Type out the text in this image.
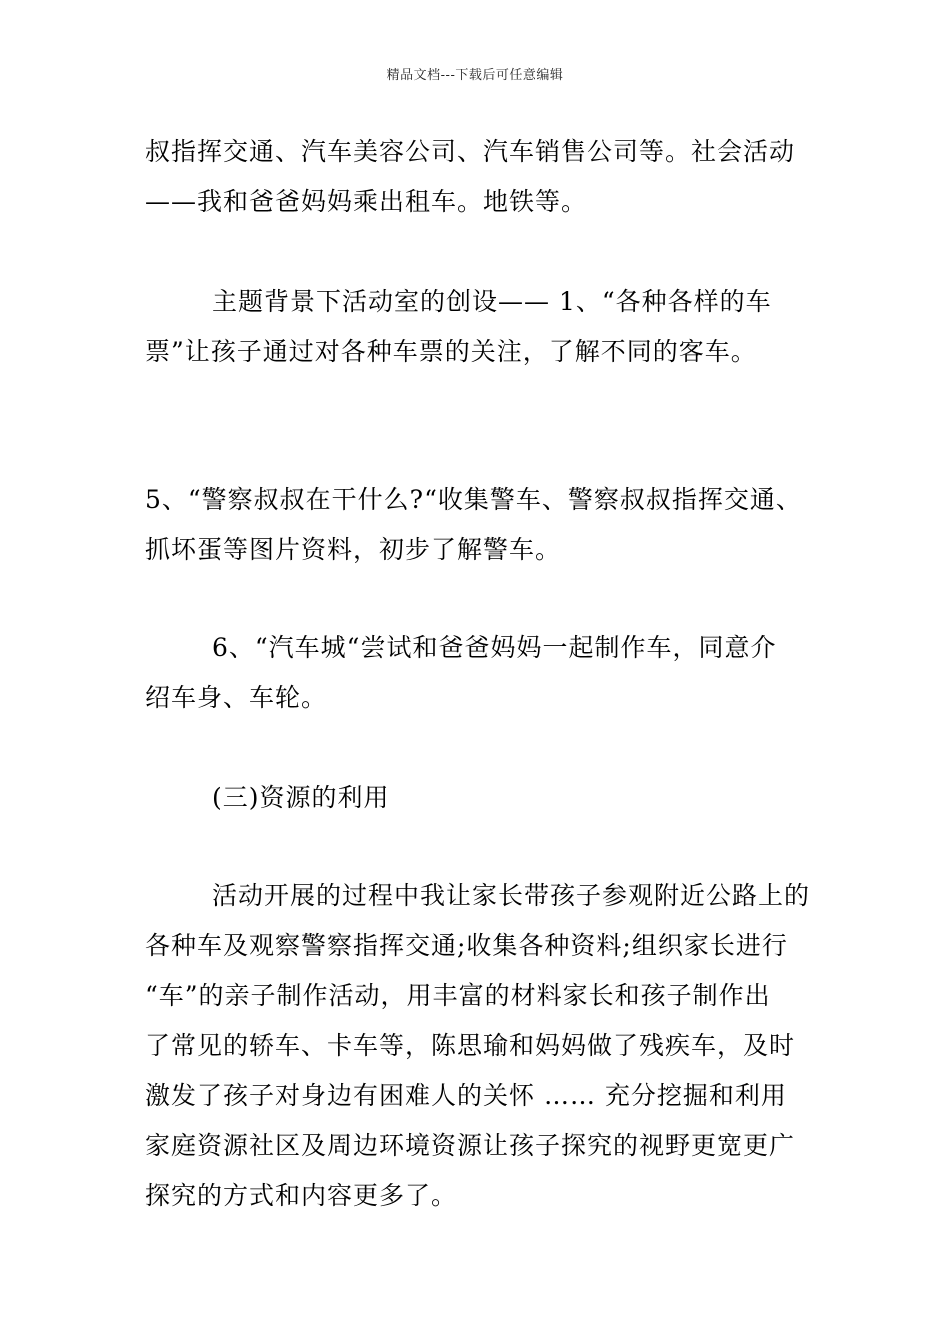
精品文档---下载后可任意编辑
叔指挥交通、汽车美容公司、汽车销售公司等。社会活动
——我和爸爸妈妈乘出租车。地铁等。
主题背景下活动室的创设—— 1、“各种各样的车
票”让孩子通过对各种车票的关注，了解不同的客车。
5、“警察叔叔在干什么?“收集警车、警察叔叔指挥交通、
抓坏蛋等图片资料，初步了解警车。
6、“汽车城“尝试和爸爸妈妈一起制作车，同意介
绍车身、车轮。
(三)资源的利用
活动开展的过程中我让家长带孩子参观附近公路上的
各种车及观察警察指挥交通;收集各种资料;组织家长进行
“车”的亲子制作活动，用丰富的材料家长和孩子制作出
了常见的轿车、卡车等，陈思瑜和妈妈做了残疾车，及时
激发了孩子对身边有困难人的关怀 …… 充分挖掘和利用
家庭资源社区及周边环境资源让孩子探究的视野更宽更广
探究的方式和内容更多了。
